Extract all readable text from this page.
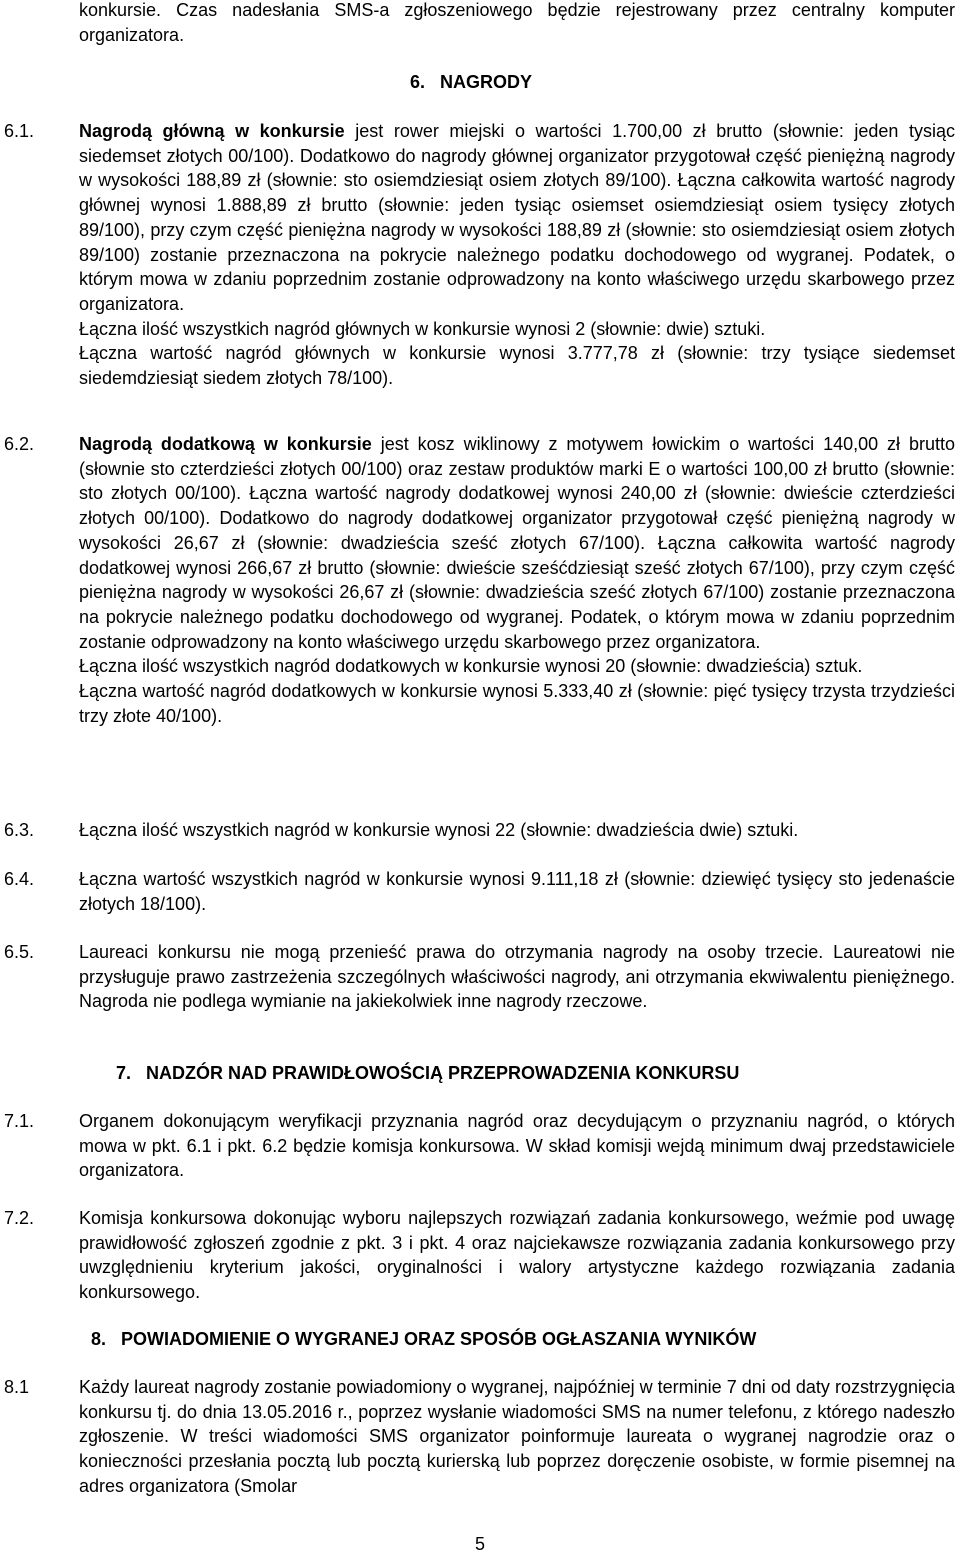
konkursie. Czas nadesłania SMS-a zgłoszeniowego będzie rejestrowany przez centralny komputer organizatora.

6. NAGRODY
6.1.	Nagrodą główną w konkursie jest rower miejski o wartości 1.700,00 zł brutto (słownie: jeden tysiąc siedemset złotych 00/100). Dodatkowo do nagrody głównej organizator przygotował część pieniężną nagrody w wysokości 188,89 zł (słownie: sto osiemdziesiąt osiem złotych 89/100). Łączna całkowita wartość nagrody głównej wynosi 1.888,89 zł brutto (słownie: jeden tysiąc osiemset osiemdziesiąt osiem tysięcy złotych 89/100), przy czym część pieniężna nagrody w wysokości 188,89 zł (słownie: sto osiemdziesiąt osiem złotych 89/100) zostanie przeznaczona na pokrycie należnego podatku dochodowego od wygranej. Podatek, o którym mowa w zdaniu poprzednim zostanie odprowadzony na konto właściwego urzędu skarbowego przez organizatora.

Łączna ilość wszystkich nagród głównych w konkursie wynosi 2 (słownie: dwie) sztuki.

Łączna wartość nagród głównych w konkursie wynosi 3.777,78 zł (słownie: trzy tysiące siedemset siedemdziesiąt siedem złotych 78/100).

6.2.	Nagrodą dodatkową w konkursie jest kosz wiklinowy z motywem łowickim o wartości 140,00 zł brutto (słownie sto czterdzieści złotych 00/100) oraz zestaw produktów marki E o wartości 100,00 zł brutto (słownie: sto złotych 00/100). Łączna wartość nagrody dodatkowej wynosi 240,00 zł (słownie: dwieście czterdzieści złotych 00/100). Dodatkowo do nagrody dodatkowej organizator przygotował część pieniężną nagrody w wysokości 26,67 zł (słownie: dwadzieścia sześć złotych 67/100). Łączna całkowita wartość nagrody dodatkowej wynosi 266,67 zł brutto (słownie: dwieście sześćdziesiąt sześć złotych 67/100), przy czym część pieniężna nagrody w wysokości 26,67 zł (słownie: dwadzieścia sześć złotych 67/100) zostanie przeznaczona na pokrycie należnego podatku dochodowego od wygranej. Podatek, o którym mowa w zdaniu poprzednim zostanie odprowadzony na konto właściwego urzędu skarbowego przez organizatora.

Łączna ilość wszystkich nagród dodatkowych w konkursie wynosi 20 (słownie: dwadzieścia) sztuk.

Łączna wartość nagród dodatkowych w konkursie wynosi 5.333,40 zł (słownie: pięć tysięcy trzysta trzydzieści trzy złote 40/100).

6.3.	Łączna ilość wszystkich nagród w konkursie wynosi 22 (słownie: dwadzieścia dwie) sztuki.

6.4.	Łączna wartość wszystkich nagród w konkursie wynosi 9.111,18 zł (słownie: dziewięć tysięcy sto jedenaście złotych 18/100).

6.5.	Laureaci konkursu nie mogą przenieść prawa do otrzymania nagrody na osoby trzecie. Laureatowi nie przysługuje prawo zastrzeżenia szczególnych właściwości nagrody, ani otrzymania ekwiwalentu pieniężnego. Nagroda nie podlega wymianie na jakiekolwiek inne nagrody rzeczowe.

7. NADZÓR NAD PRAWIDŁOWOŚCIĄ PRZEPROWADZENIA KONKURSU
7.1.	Organem dokonującym weryfikacji przyznania nagród oraz decydującym o przyznaniu nagród, o których mowa w pkt. 6.1 i pkt. 6.2 będzie komisja konkursowa. W skład komisji wejdą minimum dwaj przedstawiciele organizatora.

7.2.	Komisja konkursowa dokonując wyboru najlepszych rozwiązań zadania konkursowego, weźmie pod uwagę prawidłowość zgłoszeń zgodnie z pkt. 3 i pkt. 4 oraz najciekawsze rozwiązania zadania konkursowego przy uwzględnieniu kryterium jakości, oryginalności i walory artystyczne każdego rozwiązania zadania konkursowego.

8. POWIADOMIENIE O WYGRANEJ ORAZ SPOSÓB OGŁASZANIA WYNIKÓW
8.1	Każdy laureat nagrody zostanie powiadomiony o wygranej, najpóźniej w terminie 7 dni od daty rozstrzygnięcia konkursu tj. do dnia 13.05.2016 r., poprzez wysłanie wiadomości SMS na numer telefonu, z którego nadeszło zgłoszenie. W treści wiadomości SMS organizator poinformuje laureata o wygranej nagrodzie oraz o konieczności przesłania pocztą lub pocztą kurierską lub poprzez doręczenie osobiste, w formie pisemnej na adres organizatora (Smolar

5
